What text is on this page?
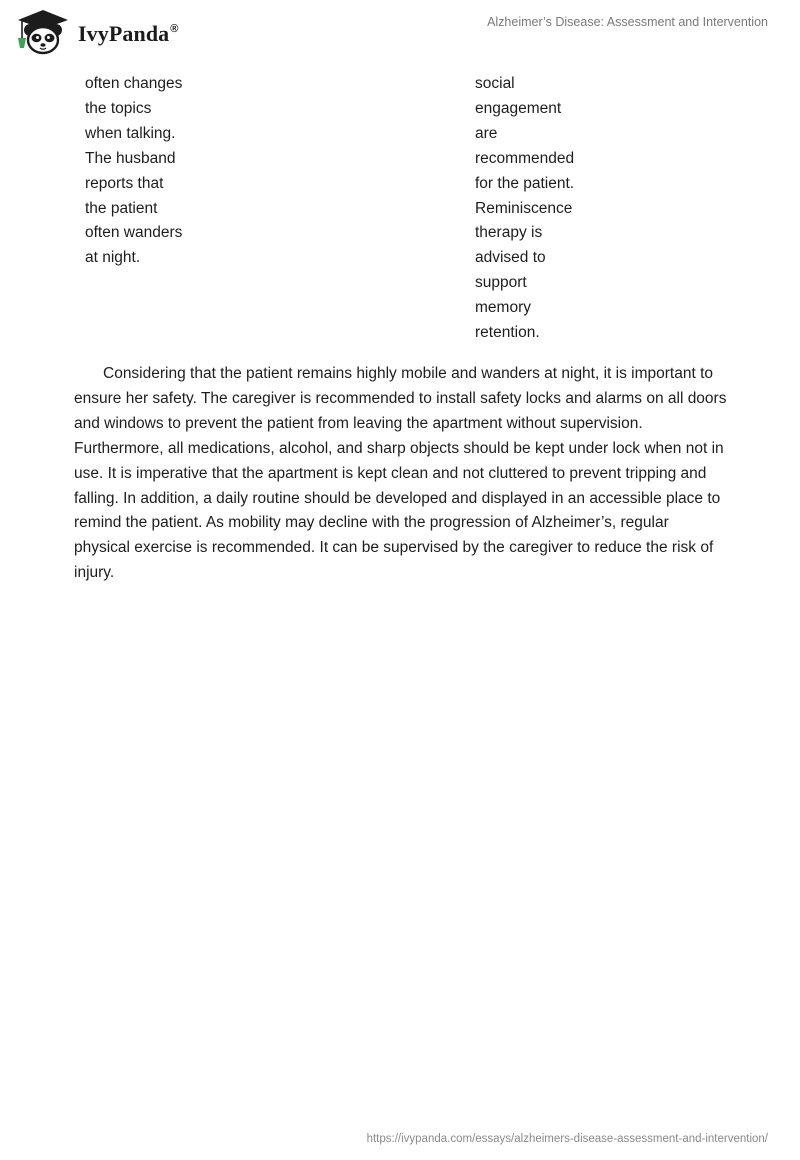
IvyPanda®	Alzheimer’s Disease: Assessment and Intervention
often changes
the topics
when talking.
The husband
reports that
the patient
often wanders
at night.
social
engagement
are
recommended
for the patient.
Reminiscence
therapy is
advised to
support
memory
retention.

Considering that the patient remains highly mobile and wanders at night, it is important to ensure her safety. The caregiver is recommended to install safety locks and alarms on all doors and windows to prevent the patient from leaving the apartment without supervision. Furthermore, all medications, alcohol, and sharp objects should be kept under lock when not in use. It is imperative that the apartment is kept clean and not cluttered to prevent tripping and falling. In addition, a daily routine should be developed and displayed in an accessible place to remind the patient. As mobility may decline with the progression of Alzheimer’s, regular physical exercise is recommended. It can be supervised by the caregiver to reduce the risk of injury.

https://ivypanda.com/essays/alzheimers-disease-assessment-and-intervention/
